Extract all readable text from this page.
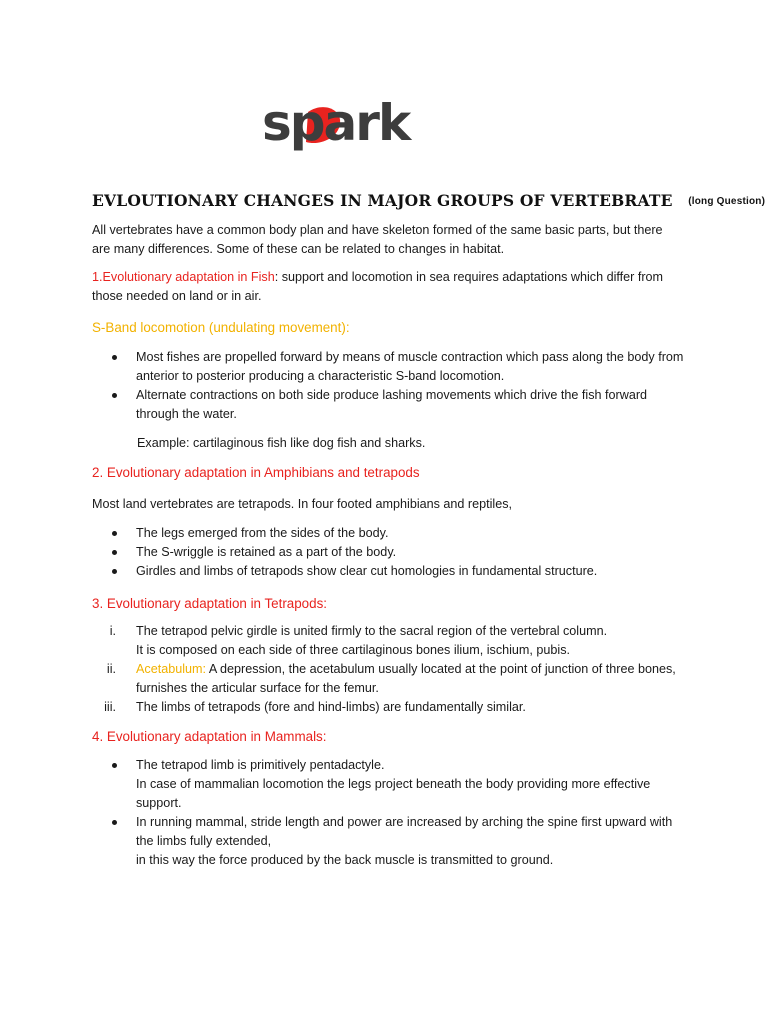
spark
EVLOUTIONARY CHANGES IN MAJOR GROUPS OF VERTEBRATE (long Question)
All vertebrates have a common body plan and have skeleton formed of the same basic parts, but there are many differences. Some of these can be related to changes in habitat.
1.Evolutionary adaptation in Fish: support and locomotion in sea requires adaptations which differ from those needed on land or in air.
S-Band locomotion (undulating movement):
Most fishes are propelled forward by means of muscle contraction which pass along the body from anterior to posterior producing a characteristic S-band locomotion.
Alternate contractions on both side produce lashing movements which drive the fish forward through the water.
Example: cartilaginous fish like dog fish and sharks.
2. Evolutionary adaptation in Amphibians and tetrapods
Most land vertebrates are tetrapods. In four footed amphibians and reptiles,
The legs emerged from the sides of the body.
The S-wriggle is retained as a part of the body.
Girdles and limbs of tetrapods show clear cut homologies in fundamental structure.
3. Evolutionary adaptation in Tetrapods:
i. The tetrapod pelvic girdle is united firmly to the sacral region of the vertebral column.
It is composed on each side of three cartilaginous bones ilium, ischium, pubis.
ii. Acetabulum: A depression, the acetabulum usually located at the point of junction of three bones, furnishes the articular surface for the femur.
iii. The limbs of tetrapods (fore and hind-limbs) are fundamentally similar.
4. Evolutionary adaptation in Mammals:
The tetrapod limb is primitively pentadactyle.
In case of mammalian locomotion the legs project beneath the body providing more effective support.
In running mammal, stride length and power are increased by arching the spine first upward with the limbs fully extended,
in this way the force produced by the back muscle is transmitted to ground.
